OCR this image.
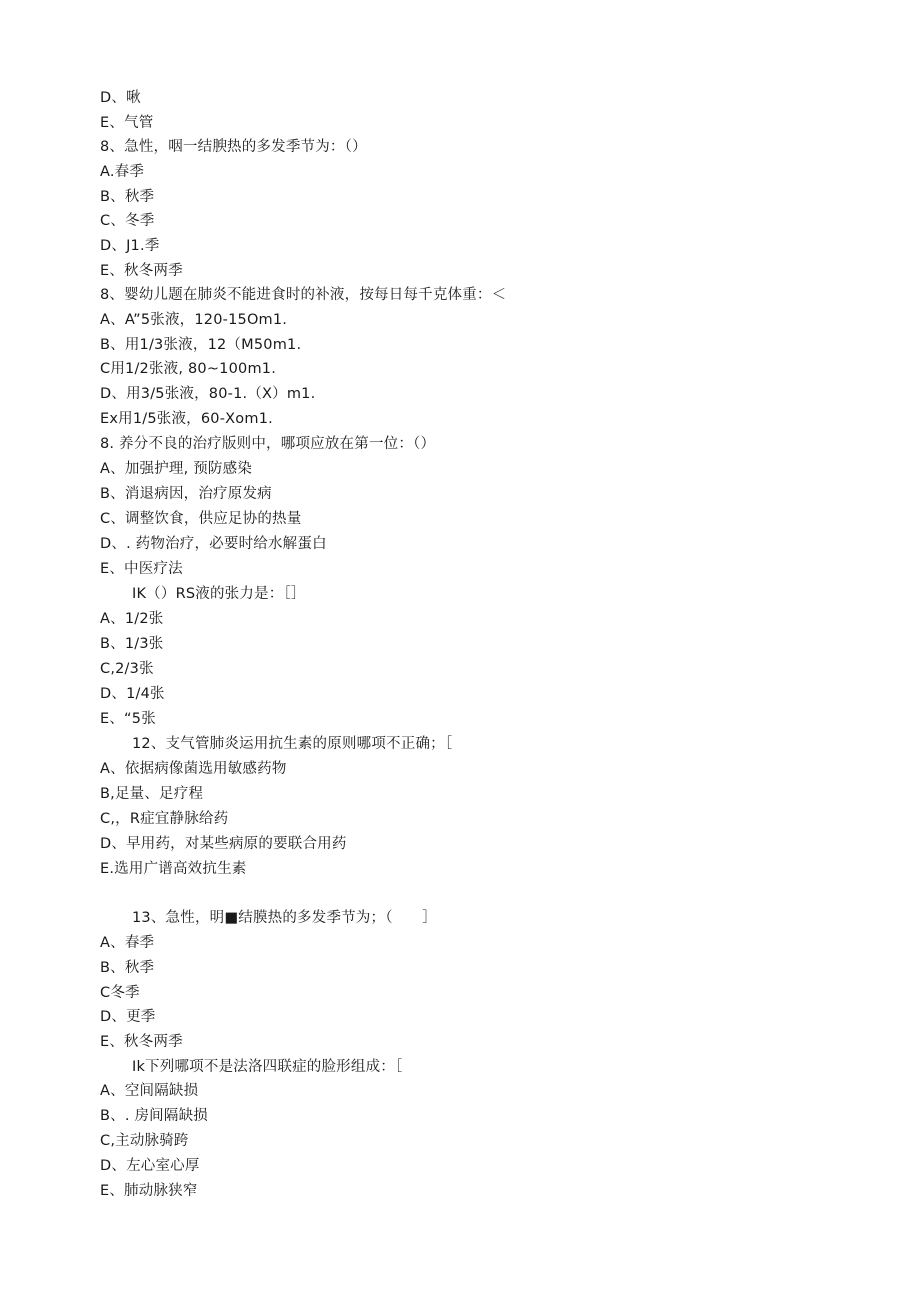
D、啾
E、气管
8、急性，咽一结腴热的多发季节为：（）
A.春季
B、秋季
C、冬季
D、J1.季
E、秋冬两季
8、婴幼儿题在肺炎不能进食时的补液，按每日每千克体重：＜
A、A”5张液，120-15Om1.
B、用1/3张液，12（M50m1.
C用1/2张液, 80~100m1.
D、用3/5张液，80-1.（X）m1.
Ex用1/5张液，60-Xom1.
8. 养分不良的治疗版则中，哪项应放在第一位：（）
A、加强护理, 预防感染
B、消退病因，治疗原发病
C、调整饮食，供应足协的热量
D、. 药物治疗，必要时给水解蛋白
E、中医疗法
IK（）RS液的张力是：［］
A、1/2张
B、1/3张
C,2/3张
D、1/4张
E、“5张
12、支气管肺炎运用抗生素的原则哪项不正确；［
A、依据病像菌选用敏感药物
B,足量、足疗程
C,，R症宜静脉给药
D、早用药，对某些病原的要联合用药
E.选用广谱高效抗生素
13、急性，明■结膜热的多发季节为；（　　］
A、春季
B、秋季
C冬季
D、更季
E、秋冬两季
Ik下列哪项不是法洛四联症的脸形组成：［
A、空间隔缺损
B、. 房间隔缺损
C,主动脉骑跨
D、左心室心厚
E、肺动脉狭窄
